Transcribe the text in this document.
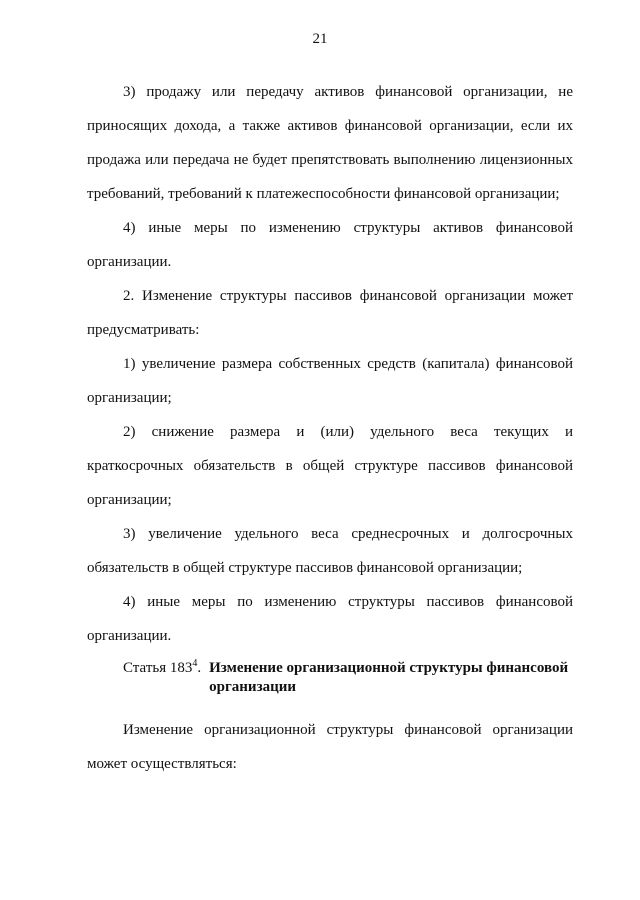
21

3) продажу или передачу активов финансовой организации, не приносящих дохода, а также активов финансовой организации, если их продажа или передача не будет препятствовать выполнению лицензионных требований, требований к платежеспособности финансовой организации;

4) иные меры по изменению структуры активов финансовой организации.

2. Изменение структуры пассивов финансовой организации может предусматривать:

1) увеличение размера собственных средств (капитала) финансовой организации;

2) снижение размера и (или) удельного веса текущих и краткосрочных обязательств в общей структуре пассивов финансовой организации;

3) увеличение удельного веса среднесрочных и долгосрочных обязательств в общей структуре пассивов финансовой организации;

4) иные меры по изменению структуры пассивов финансовой организации.

Статья $183^4$. Изменение организационной структуры финансовой организации

Изменение организационной структуры финансовой организации может осуществляться:
